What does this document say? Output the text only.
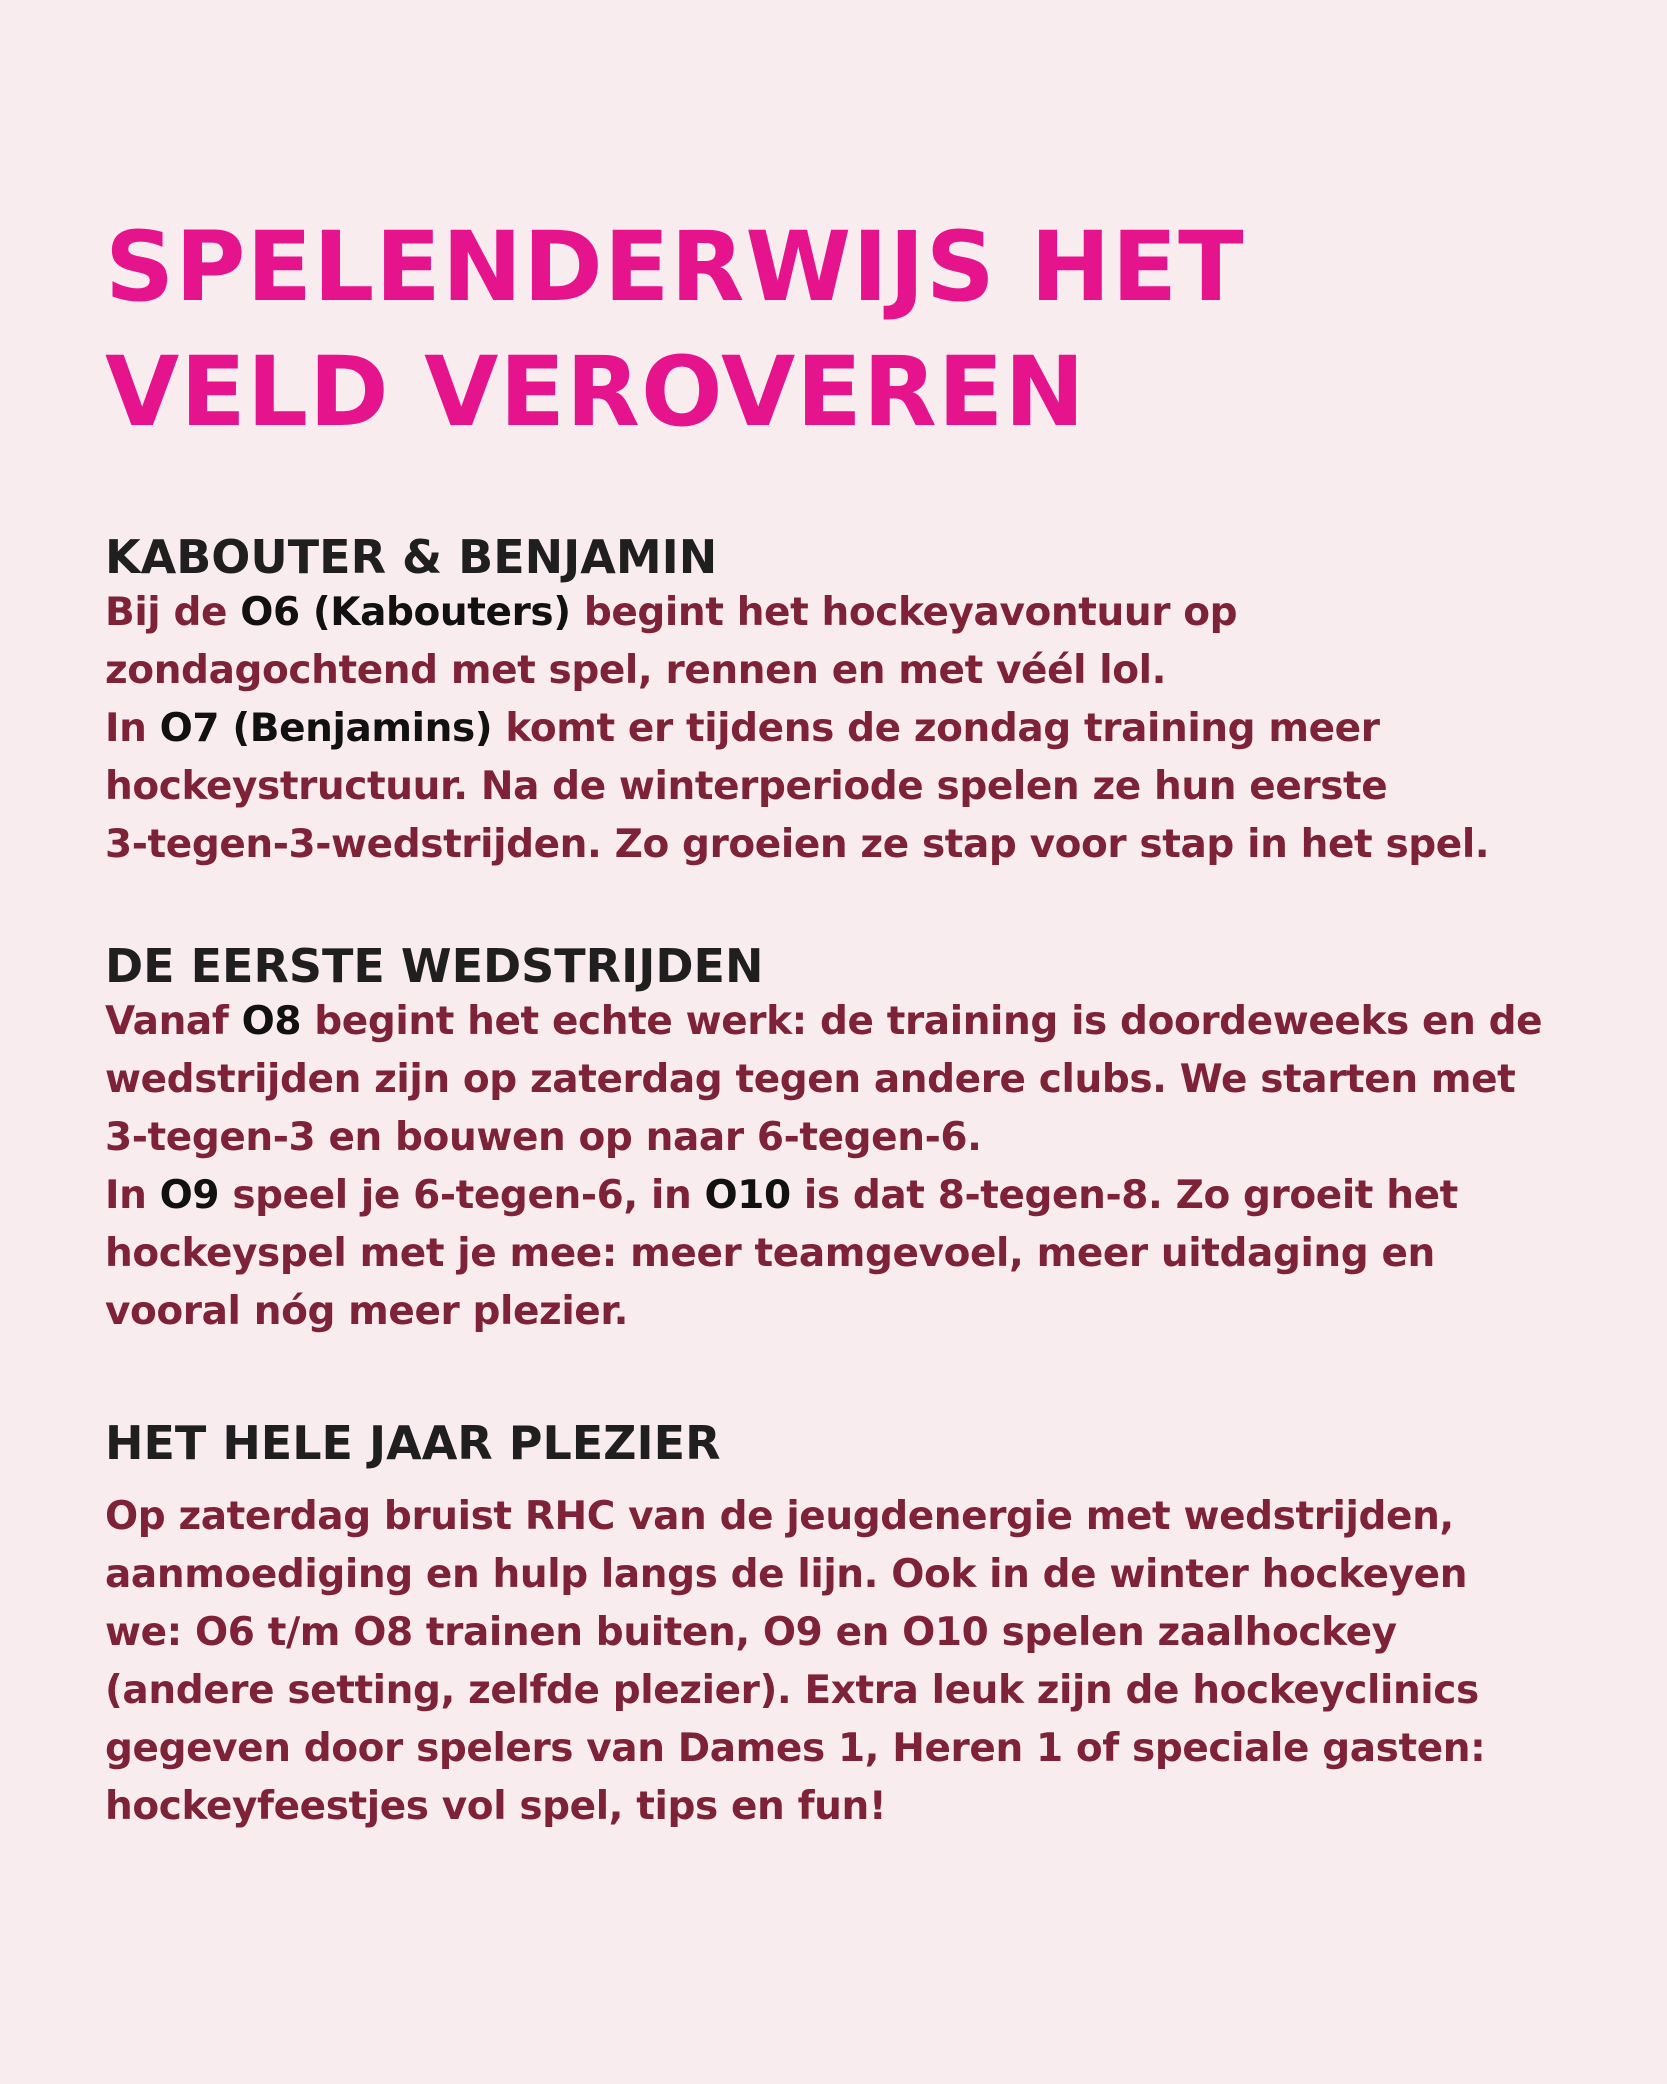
SPELENDERWIJS HET
VELD VEROVEREN
KABOUTER & BENJAMIN
Bij de O6 (Kabouters) begint het hockeyavontuur op
zondagochtend met spel, rennen en met véél lol.
In O7 (Benjamins) komt er tijdens de zondag training meer
hockeystructuur. Na de winterperiode spelen ze hun eerste
3-tegen-3-wedstrijden. Zo groeien ze stap voor stap in het spel.
DE EERSTE WEDSTRIJDEN
Vanaf O8 begint het echte werk: de training is doordeweeks en de
wedstrijden zijn op zaterdag tegen andere clubs. We starten met
3-tegen-3 en bouwen op naar 6-tegen-6.
In O9 speel je 6-tegen-6, in O10 is dat 8-tegen-8. Zo groeit het
hockeyspel met je mee: meer teamgevoel, meer uitdaging en
vooral nóg meer plezier.
HET HELE JAAR PLEZIER
Op zaterdag bruist RHC van de jeugdenergie met wedstrijden,
aanmoediging en hulp langs de lijn. Ook in de winter hockeyen
we: O6 t/m O8 trainen buiten, O9 en O10 spelen zaalhockey
(andere setting, zelfde plezier). Extra leuk zijn de hockeyclinics
gegeven door spelers van Dames 1, Heren 1 of speciale gasten:
hockeyfeestjes vol spel, tips en fun!
